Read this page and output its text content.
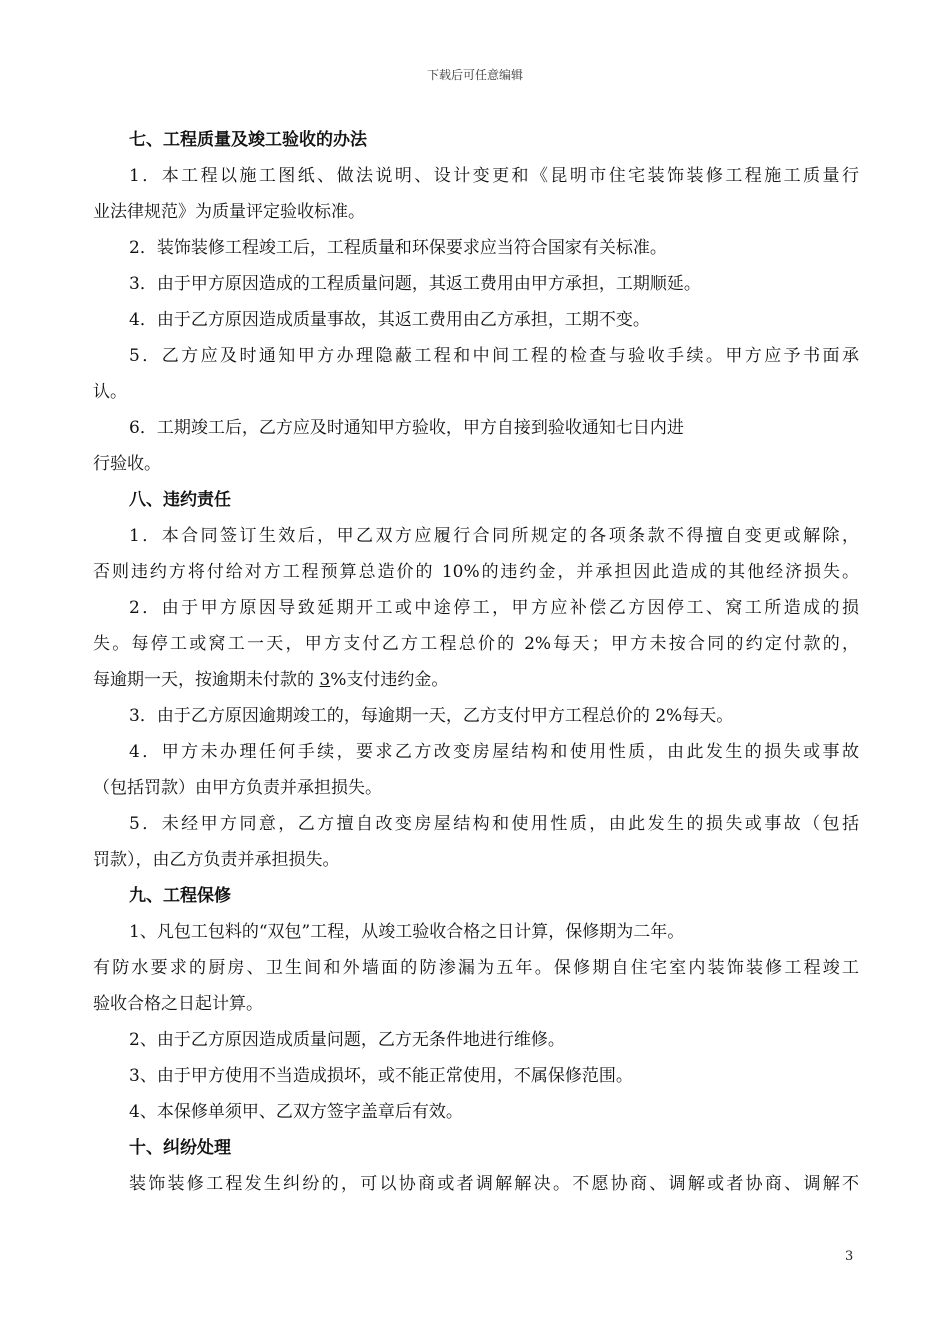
下载后可任意编辑
七、工程质量及竣工验收的办法
1．本工程以施工图纸、做法说明、设计变更和《昆明市住宅装饰装修工程施工质量行
业法律规范》为质量评定验收标准。
2．装饰装修工程竣工后，工程质量和环保要求应当符合国家有关标准。
3．由于甲方原因造成的工程质量问题，其返工费用由甲方承担，工期顺延。
4．由于乙方原因造成质量事故，其返工费用由乙方承担，工期不变。
5．乙方应及时通知甲方办理隐蔽工程和中间工程的检查与验收手续。甲方应予书面承
认。
6．工期竣工后，乙方应及时通知甲方验收，甲方自接到验收通知七日内进
行验收。
八、违约责任
1．本合同签订生效后，甲乙双方应履行合同所规定的各项条款不得擅自变更或解除，
否则违约方将付给对方工程预算总造价的 10%的违约金，并承担因此造成的其他经济损失。
2．由于甲方原因导致延期开工或中途停工，甲方应补偿乙方因停工、窝工所造成的损
失。每停工或窝工一天，甲方支付乙方工程总价的 2%每天；甲方未按合同的约定付款的，
每逾期一天，按逾期未付款的 3%支付违约金。
3．由于乙方原因逾期竣工的，每逾期一天，乙方支付甲方工程总价的 2%每天。
4．甲方未办理任何手续，要求乙方改变房屋结构和使用性质，由此发生的损失或事故
（包括罚款）由甲方负责并承担损失。
5．未经甲方同意，乙方擅自改变房屋结构和使用性质，由此发生的损失或事故（包括
罚款），由乙方负责并承担损失。
九、工程保修
1、凡包工包料的“双包”工程，从竣工验收合格之日计算，保修期为二年。
有防水要求的厨房、卫生间和外墙面的防渗漏为五年。保修期自住宅室内装饰装修工程竣工
验收合格之日起计算。
2、由于乙方原因造成质量问题，乙方无条件地进行维修。
3、由于甲方使用不当造成损坏，或不能正常使用，不属保修范围。
4、本保修单须甲、乙双方签字盖章后有效。
十、纠纷处理
装饰装修工程发生纠纷的，可以协商或者调解解决。不愿协商、调解或者协商、调解不
3
